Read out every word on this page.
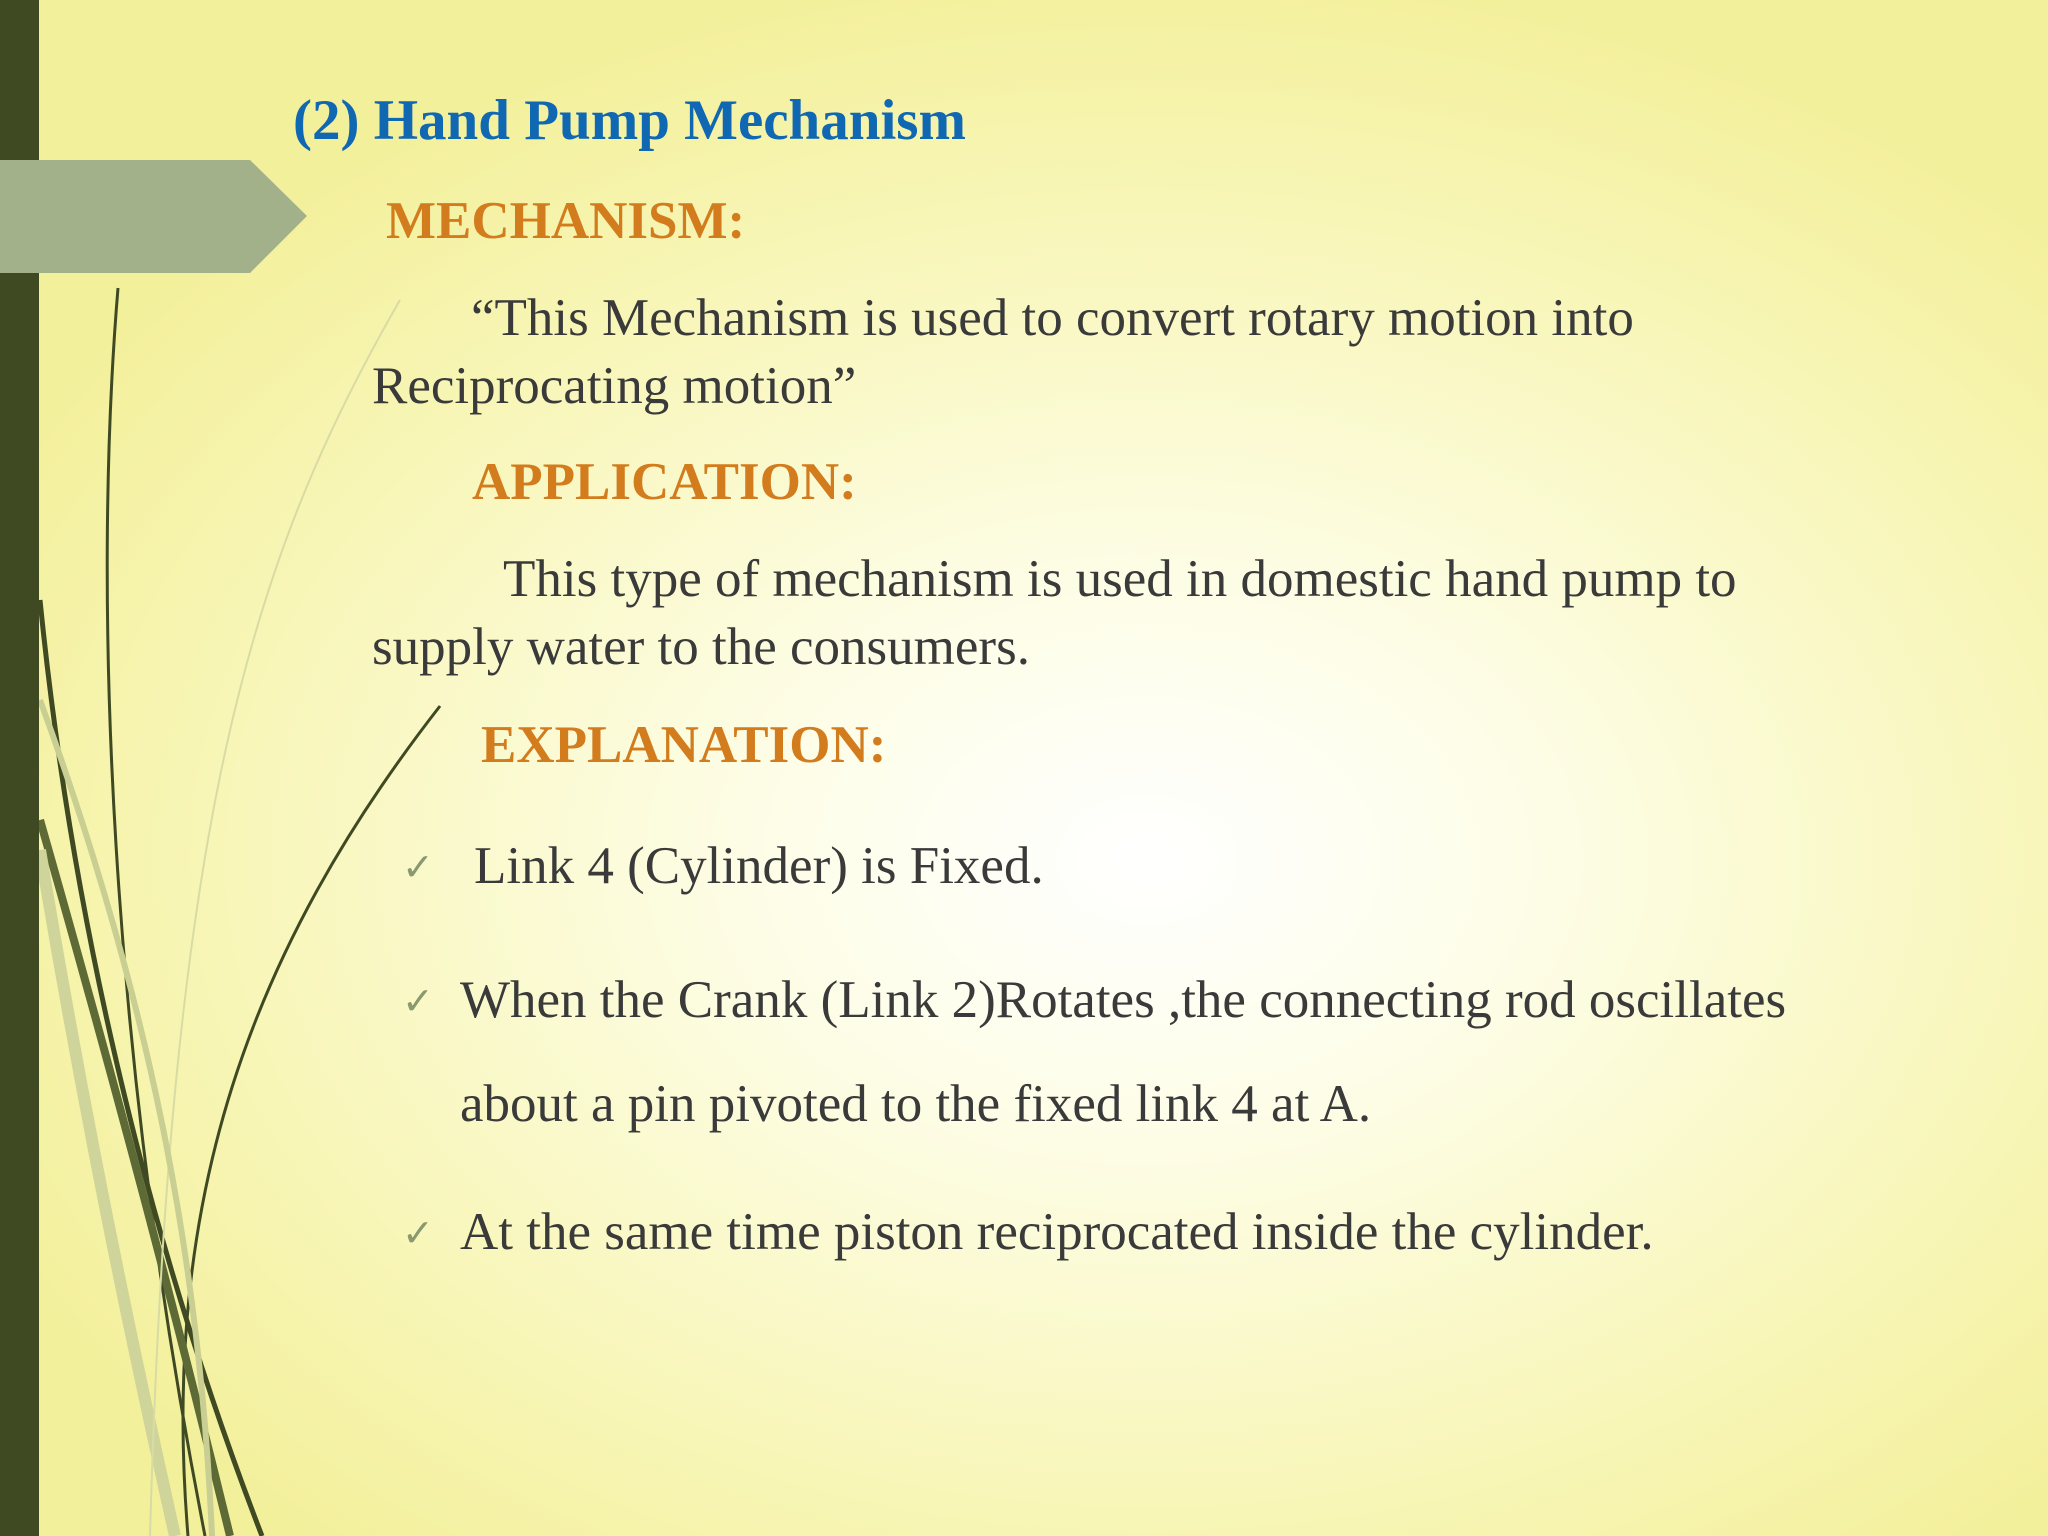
(2) Hand Pump Mechanism
MECHANISM:

“This Mechanism is used to convert rotary motion into

Reciprocating motion”

APPLICATION:

This type of mechanism is used in domestic hand pump to

supply water to the consumers.

EXPLANATION:
✓ Link 4 (Cylinder) is Fixed.
✓ When the Crank (Link 2)Rotates ,the connecting rod oscillates
about a pin pivoted to the fixed link 4 at A.
✓ At the same time piston reciprocated inside the cylinder.
